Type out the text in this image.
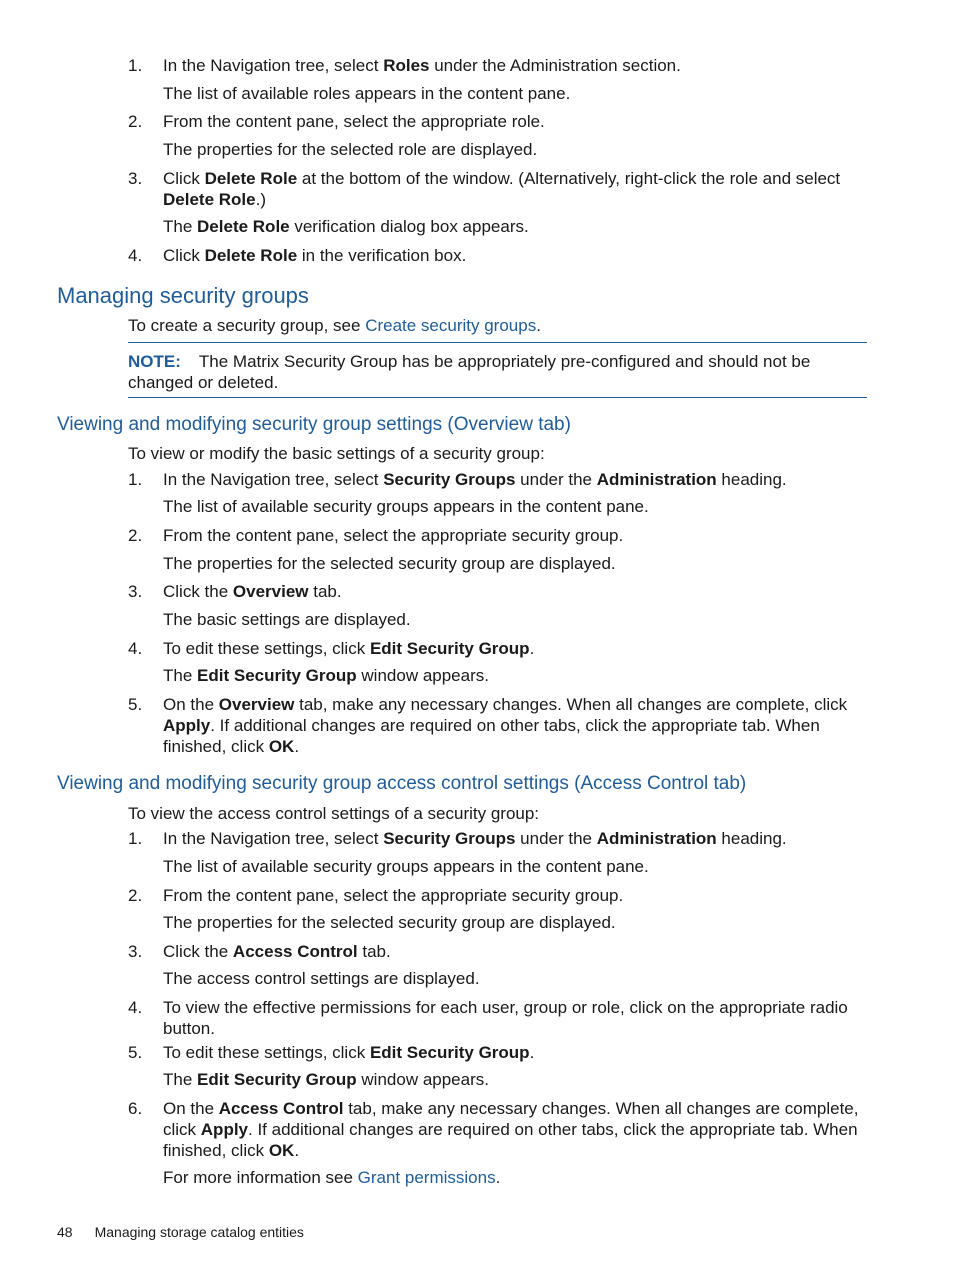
1. In the Navigation tree, select Roles under the Administration section.
The list of available roles appears in the content pane.
2. From the content pane, select the appropriate role.
The properties for the selected role are displayed.
3. Click Delete Role at the bottom of the window. (Alternatively, right-click the role and select Delete Role.)
The Delete Role verification dialog box appears.
4. Click Delete Role in the verification box.
Managing security groups
To create a security group, see Create security groups.
NOTE: The Matrix Security Group has be appropriately pre-configured and should not be changed or deleted.
Viewing and modifying security group settings (Overview tab)
To view or modify the basic settings of a security group:
1. In the Navigation tree, select Security Groups under the Administration heading.
The list of available security groups appears in the content pane.
2. From the content pane, select the appropriate security group.
The properties for the selected security group are displayed.
3. Click the Overview tab.
The basic settings are displayed.
4. To edit these settings, click Edit Security Group.
The Edit Security Group window appears.
5. On the Overview tab, make any necessary changes. When all changes are complete, click Apply. If additional changes are required on other tabs, click the appropriate tab. When finished, click OK.
Viewing and modifying security group access control settings (Access Control tab)
To view the access control settings of a security group:
1. In the Navigation tree, select Security Groups under the Administration heading.
The list of available security groups appears in the content pane.
2. From the content pane, select the appropriate security group.
The properties for the selected security group are displayed.
3. Click the Access Control tab.
The access control settings are displayed.
4. To view the effective permissions for each user, group or role, click on the appropriate radio button.
5. To edit these settings, click Edit Security Group.
The Edit Security Group window appears.
6. On the Access Control tab, make any necessary changes. When all changes are complete, click Apply. If additional changes are required on other tabs, click the appropriate tab. When finished, click OK.
For more information see Grant permissions.
48 Managing storage catalog entities
